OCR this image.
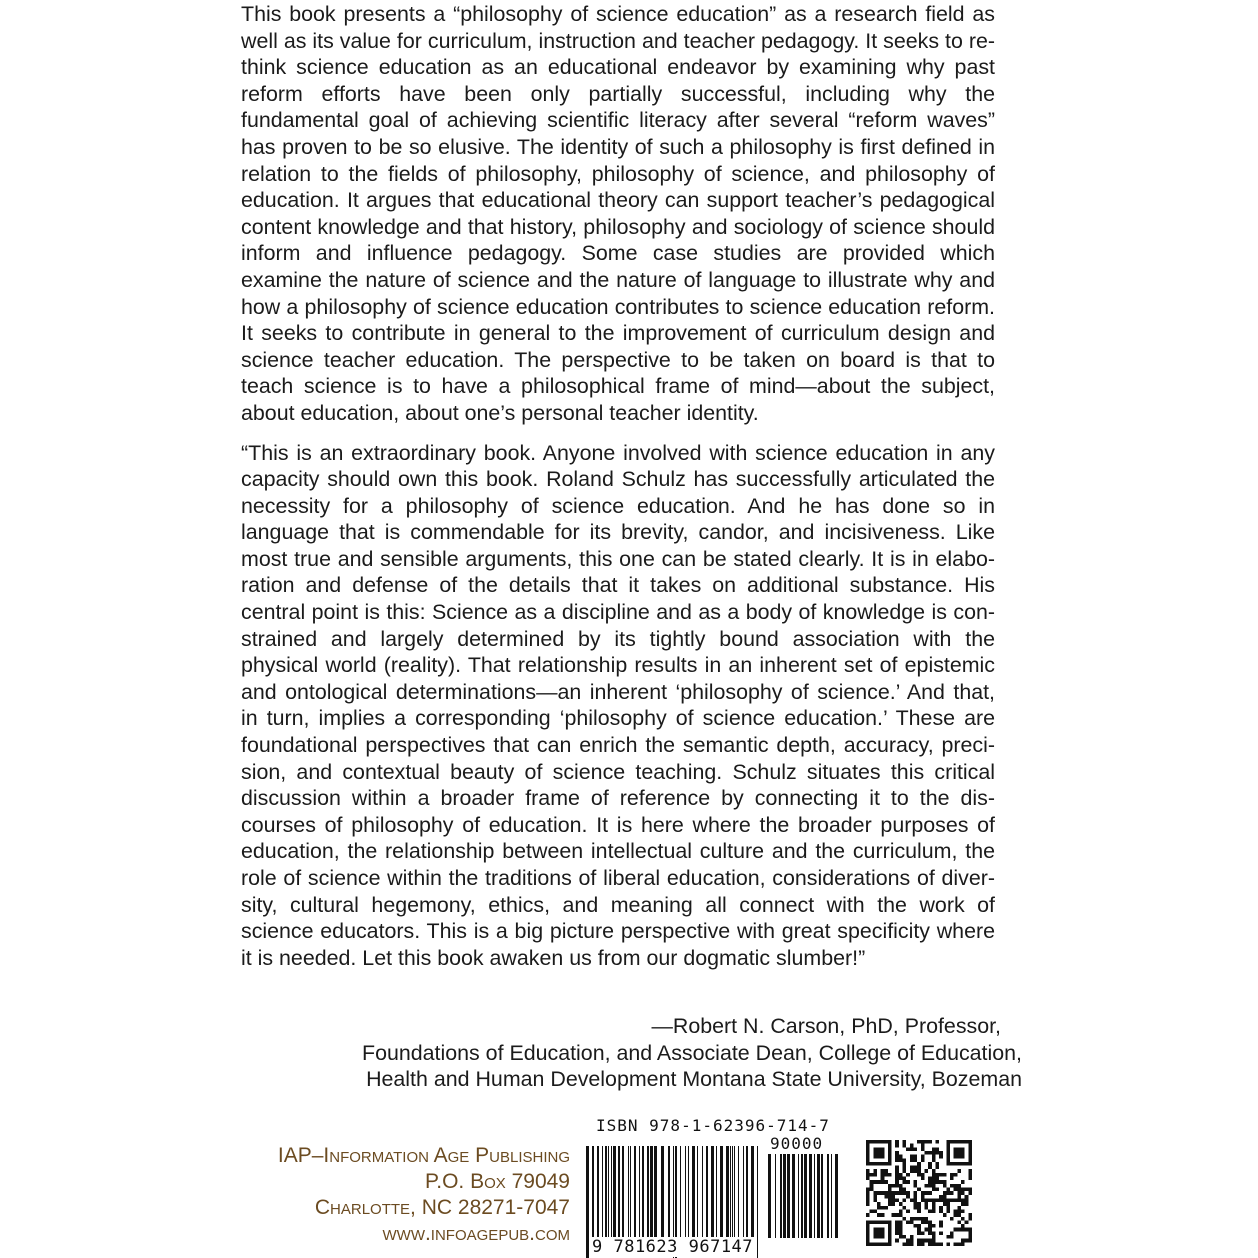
This book presents a “philosophy of science education” as a research field as well as its value for curriculum, instruction and teacher pedagogy. It seeks to re-think science education as an educational endeavor by examining why past reform efforts have been only partially successful, including why the fundamental goal of achieving scientific literacy after several “reform waves” has proven to be so elusive. The identity of such a philosophy is first defined in relation to the fields of philosophy, philosophy of science, and philosophy of education. It argues that educational theory can support teacher’s pedagogical content knowledge and that history, philosophy and sociology of science should inform and influence pedagogy. Some case studies are provided which examine the nature of science and the nature of language to illustrate why and how a philosophy of science education contributes to science education reform. It seeks to contribute in general to the improvement of curriculum design and science teacher education. The perspective to be taken on board is that to teach science is to have a philosophical frame of mind—about the subject, about education, about one’s personal teacher identity.

“This is an extraordinary book. Anyone involved with science education in any capacity should own this book. Roland Schulz has successfully articulated the necessity for a philosophy of science education. And he has done so in language that is commendable for its brevity, candor, and incisiveness. Like most true and sensible arguments, this one can be stated clearly. It is in elaboration and defense of the details that it takes on additional substance. His central point is this: Science as a discipline and as a body of knowledge is constrained and largely determined by its tightly bound association with the physical world (reality). That relationship results in an inherent set of epistemic and ontological determinations—an inherent ‘philosophy of science.’ And that, in turn, implies a corresponding ‘philosophy of science education.’ These are foundational perspectives that can enrich the semantic depth, accuracy, precision, and contextual beauty of science teaching. Schulz situates this critical discussion within a broader frame of reference by connecting it to the discourses of philosophy of education. It is here where the broader purposes of education, the relationship between intellectual culture and the curriculum, the role of science within the traditions of liberal education, considerations of diversity, cultural hegemony, ethics, and meaning all connect with the work of science educators. This is a big picture perspective with great specificity where it is needed. Let this book awaken us from our dogmatic slumber!”

—Robert N. Carson, PhD, Professor,
Foundations of Education, and Associate Dean, College of Education,
Health and Human Development Montana State University, Bozeman
IAP–Information Age Publishing
P.O. Box 79049
Charlotte, NC 28271-7047
www.infoagepub.com
ISBN 978-1-62396-714-7
90000
9 781623 967147
